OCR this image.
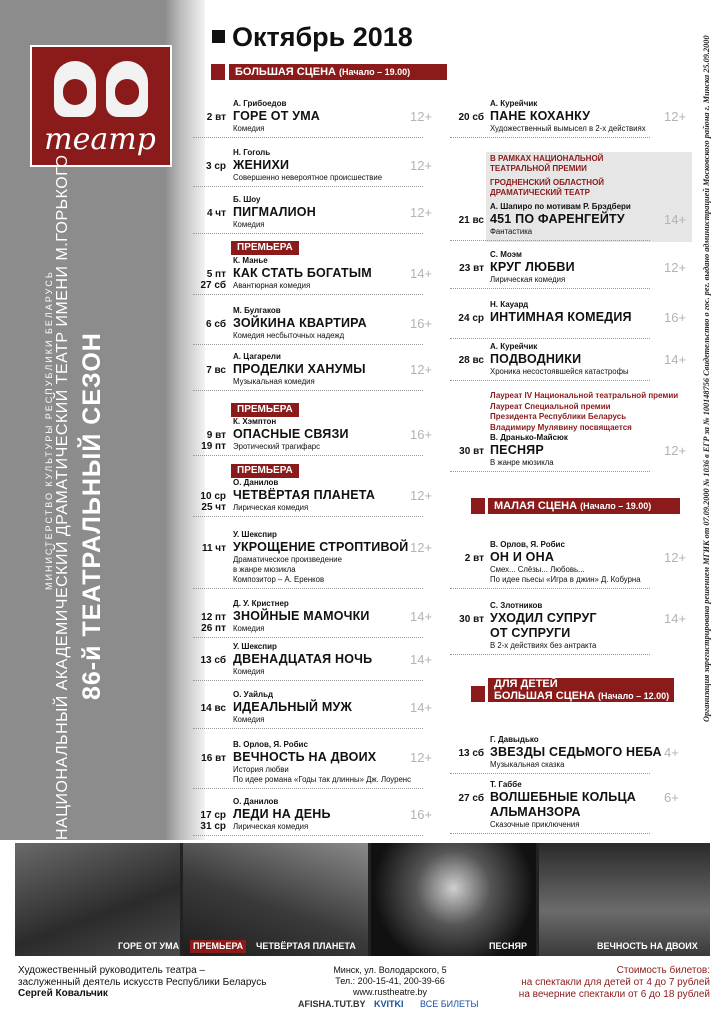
театр
МИНИСТЕРСТВО КУЛЬТУРЫ РЕСПУБЛИКИ БЕЛАРУСЬ НАЦИОНАЛЬНЫЙ АКАДЕМИЧЕСКИЙ ДРАМАТИЧЕСКИЙ ТЕАТР ИМЕНИ М.ГОРЬКОГО 86-й ТЕАТРАЛЬНЫЙ СЕЗОН	Организация зарегистрирована решением МГИК от 07.09.2000 № 1036 в ЕГР за № 100148756 Свидетельство о гос. рег. выдано администрацией Московского района г. Минска 25.09.2000
Октябрь 2018
БОЛЬШАЯ СЦЕНА (Начало – 19.00)
МАЛАЯ СЦЕНА (Начало – 19.00)
ДЛЯ ДЕТЕЙ
БОЛЬШАЯ СЦЕНА (Начало – 12.00)
В РАМКАХ НАЦИОНАЛЬНОЙ ТЕАТРАЛЬНОЙ ПРЕМИИ
ГРОДНЕНСКИЙ ОБЛАСТНОЙ ДРАМАТИЧЕСКИЙ ТЕАТР
Лауреат IV Национальной театральной премии
Лауреат Специальной премии
Президента Республики Беларусь
Владимиру Мулявину посвящается
А. Грибоедов
ГОРЕ ОТ УМА
Комедия
2 вт	12+
Н. Гоголь
ЖЕНИХИ
Совершенно невероятное происшествие
3 ср	12+
Б. Шоу
ПИГМАЛИОН
Комедия
4 чт	12+
ПРЕМЬЕРА
К. Манье
КАК СТАТЬ БОГАТЫМ
Авантюрная комедия
5 пт
27 сб
14+
М. Булгаков
ЗОЙКИНА КВАРТИРА
Комедия несбыточных надежд
6 сб	16+
А. Цагарели
ПРОДЕЛКИ ХАНУМЫ
Музыкальная комедия
7 вс	12+
ПРЕМЬЕРА
К. Хэмптон
ОПАСНЫЕ СВЯЗИ
Эротический трагифарс
9 вт
19 пт
16+
ПРЕМЬЕРА
О. Данилов
ЧЕТВЁРТАЯ ПЛАНЕТА
Лирическая комедия
10 ср
25 чт
12+
У. Шекспир
УКРОЩЕНИЕ СТРОПТИВОЙ
Драматическое произведение
в жанре мюзикла
Композитор – А. Еренков
11 чт	12+
Д. У. Кристнер
ЗНОЙНЫЕ МАМОЧКИ
Комедия
12 пт
26 пт
14+
У. Шекспир
ДВЕНАДЦАТАЯ НОЧЬ
Комедия
13 сб	14+
О. Уайльд
ИДЕАЛЬНЫЙ МУЖ
Комедия
14 вс	14+
В. Орлов, Я. Робис
ВЕЧНОСТЬ НА ДВОИХ
История любви
По идее романа «Годы так длинны» Дж. Лоуренс
16 вт	12+
О. Данилов
ЛЕДИ НА ДЕНЬ
Лирическая комедия
17 ср
31 ср
16+
А. Курейчик
ПАНЕ КОХАНКУ
Художественный вымысел в 2-х действиях
20 сб	12+
А. Шапиро по мотивам Р. Брэдбери
451 ПО ФАРЕНГЕЙТУ
Фантастика
21 вс	14+
С. Моэм
КРУГ ЛЮБВИ
Лирическая комедия
23 вт	12+
Н. Кауард
ИНТИМНАЯ КОМЕДИЯ
24 ср	16+
А. Курейчик
ПОДВОДНИКИ
Хроника несостоявшейся катастрофы
28 вс	14+
В. Дранько-Майсюк
ПЕСНЯР
В жанре мюзикла
30 вт	12+
В. Орлов, Я. Робис
ОН И ОНА
Смех... Слёзы... Любовь...
По идее пьесы «Игра в джин» Д. Кобурна
2 вт	12+
С. Злотников
УХОДИЛ СУПРУГ
ОТ СУПРУГИ
В 2-х действиях без антракта
30 вт	14+
Г. Давыдько
ЗВЕЗДЫ СЕДЬМОГО НЕБА
Музыкальная сказка
13 сб	4+
Т. Габбе
ВОЛШЕБНЫЕ КОЛЬЦА
АЛЬМАНЗОРА
Сказочные приключения
27 сб	6+
ГОРЕ ОТ УМА	ПРЕМЬЕРА	ЧЕТВЁРТАЯ ПЛАНЕТА	ПЕСНЯР	ВЕЧНОСТЬ НА ДВОИХ
Художественный руководитель театра –
заслуженный деятель искусств Республики Беларусь
Сергей Ковальчик
Минск, ул. Володарского, 5
Тел.: 200-15-41, 200-39-66
www.rustheatre.by
AFISHA.TUT.BY KVITKI ВСЕ БИЛЕТЫ
Стоимость билетов:
на спектакли для детей от 4 до 7 рублей
на вечерние спектакли от 6 до 18 рублей
